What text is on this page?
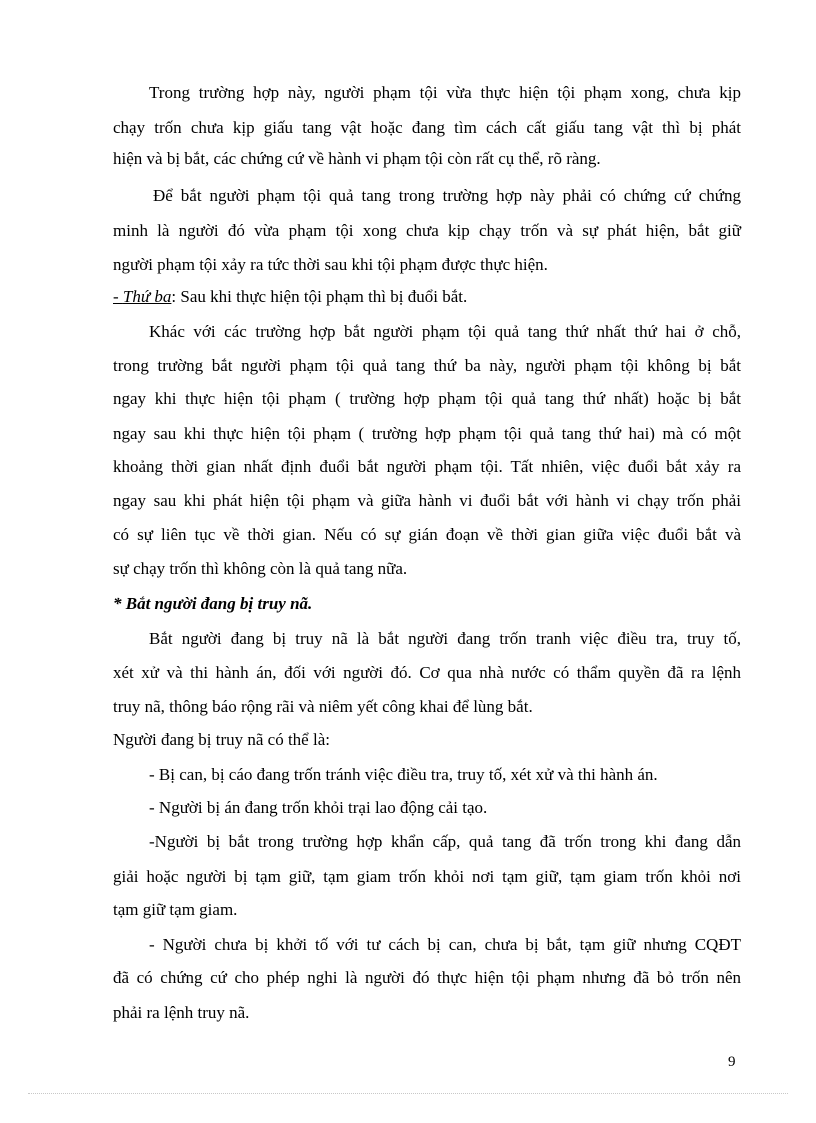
Trong trường hợp này, người phạm tội vừa thực hiện tội phạm xong, chưa kịp
chạy trốn chưa kịp giấu tang vật hoặc đang tìm cách cất giấu tang vật thì bị phát
hiện và bị bắt, các chứng cứ về hành vi phạm tội còn rất cụ thể, rõ ràng.
Để bắt người phạm tội quả tang trong trường hợp này phải có chứng cứ chứng
minh là người đó vừa phạm tội xong chưa kịp chạy trốn và sự phát hiện, bắt giữ
người phạm tội xảy ra tức thời sau khi tội phạm được thực hiện.
- Thứ ba: Sau khi thực hiện tội phạm thì bị đuổi bắt.
Khác với các trường hợp bắt người phạm tội quả tang thứ nhất thứ hai ở chỗ,
trong trường bắt người phạm tội quả tang thứ ba này, người phạm tội không bị bắt
ngay khi thực hiện tội phạm ( trường hợp phạm tội quả tang thứ nhất) hoặc bị bắt
ngay sau khi thực hiện tội phạm ( trường hợp phạm tội quả tang thứ hai) mà có một
khoảng thời gian nhất định đuổi bắt người phạm tội. Tất nhiên, việc đuổi bắt xảy ra
ngay sau khi phát hiện tội phạm và giữa hành vi đuổi bắt với hành vi chạy trốn phải
có sự liên tục về thời gian. Nếu có sự gián đoạn về thời gian giữa việc đuổi bắt và
sự chạy trốn thì không còn là quả tang nữa.
* Bắt người đang bị truy nã.
Bắt người đang bị truy nã là bắt người đang trốn tranh việc điều tra, truy tố,
xét xử và thi hành án, đối với người đó. Cơ qua nhà nước có thẩm quyền đã ra lệnh
truy nã, thông báo rộng rãi và niêm yết công khai để lùng bắt.
Người đang bị truy nã có thể là:
- Bị can, bị cáo đang trốn tránh việc điều tra, truy tố, xét xử và thi hành án.
- Người bị án đang trốn khỏi trại lao động cải tạo.
-Người bị bắt trong trường hợp khẩn cấp, quả tang đã trốn trong khi đang dẫn
giải hoặc người bị tạm giữ, tạm giam trốn khỏi nơi tạm giữ, tạm giam trốn khỏi nơi
tạm giữ tạm giam.
- Người chưa bị khởi tố với tư cách bị can, chưa bị bắt, tạm giữ nhưng CQĐT
đã có chứng cứ cho phép nghi là người đó thực hiện tội phạm nhưng đã bỏ trốn nên
phải ra lệnh truy nã.
9
